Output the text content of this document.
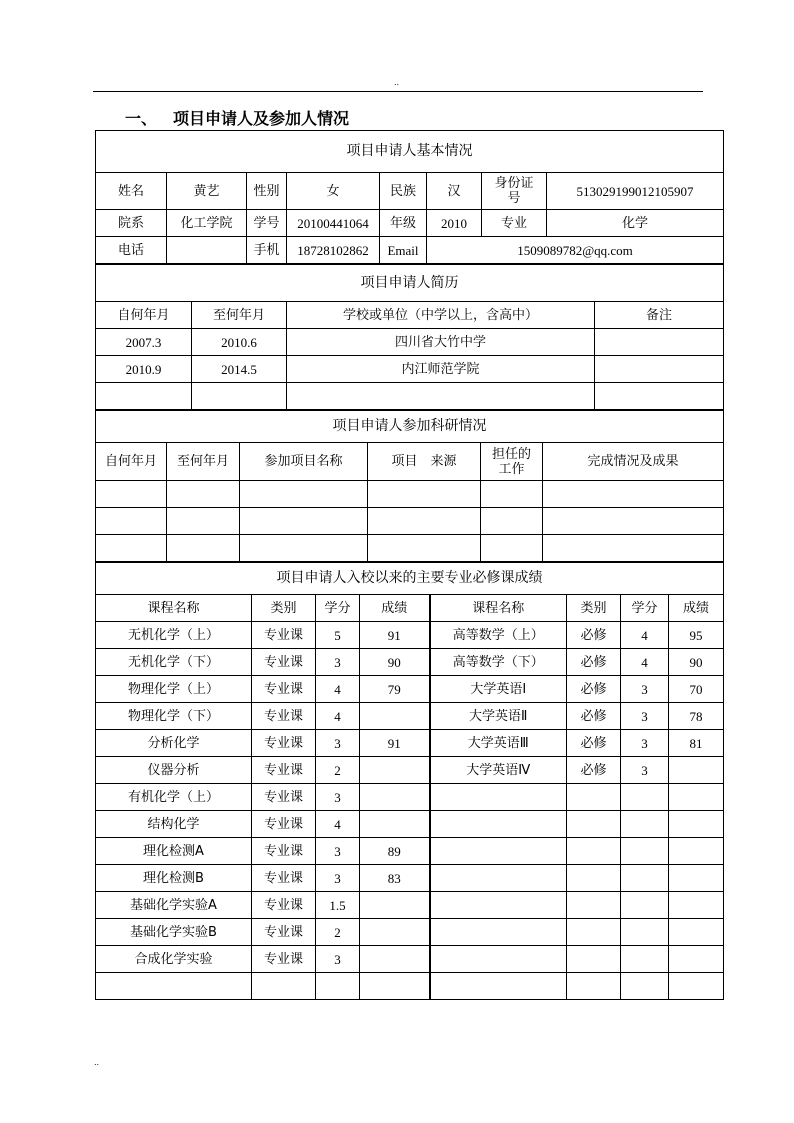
..
一、 项目申请人及参加人情况
项目申请人基本情况							
姓名	黄艺	性别	女	民族	汉	身份证号	513029199012105907
院系	化工学院	学号	20100441064	年级	2010	专业	化学
电话		手机	18728102862	Email	1509089782@qq.com		
项目申请人简历			
自何年月	至何年月	学校或单位（中学以上，含高中）	备注
2007.3	2010.6	四川省大竹中学	
2010.9	2014.5	内江师范学院	

项目申请人参加科研情况					
自何年月	至何年月	参加项目名称	项目　来源	担任的工作	完成情况及成果

项目申请人入校以来的主要专业必修课成绩							
课程名称	类别	学分	成绩	课程名称	类别	学分	成绩
无机化学（上）	专业课	5	91	高等数学（上）	必修	4	95
无机化学（下）	专业课	3	90	高等数学（下）	必修	4	90
物理化学（上）	专业课	4	79	大学英语Ⅰ	必修	3	70
物理化学（下）	专业课	4		大学英语Ⅱ	必修	3	78
分析化学	专业课	3	91	大学英语Ⅲ	必修	3	81
仪器分析	专业课	2		大学英语Ⅳ	必修	3	
有机化学（上）	专业课	3					
结构化学	专业课	4					
理化检测A	专业课	3	89				
理化检测B	专业课	3	83				
基础化学实验A	专业课	1.5					
基础化学实验B	专业课	2					
合成化学实验	专业课	3					

..
